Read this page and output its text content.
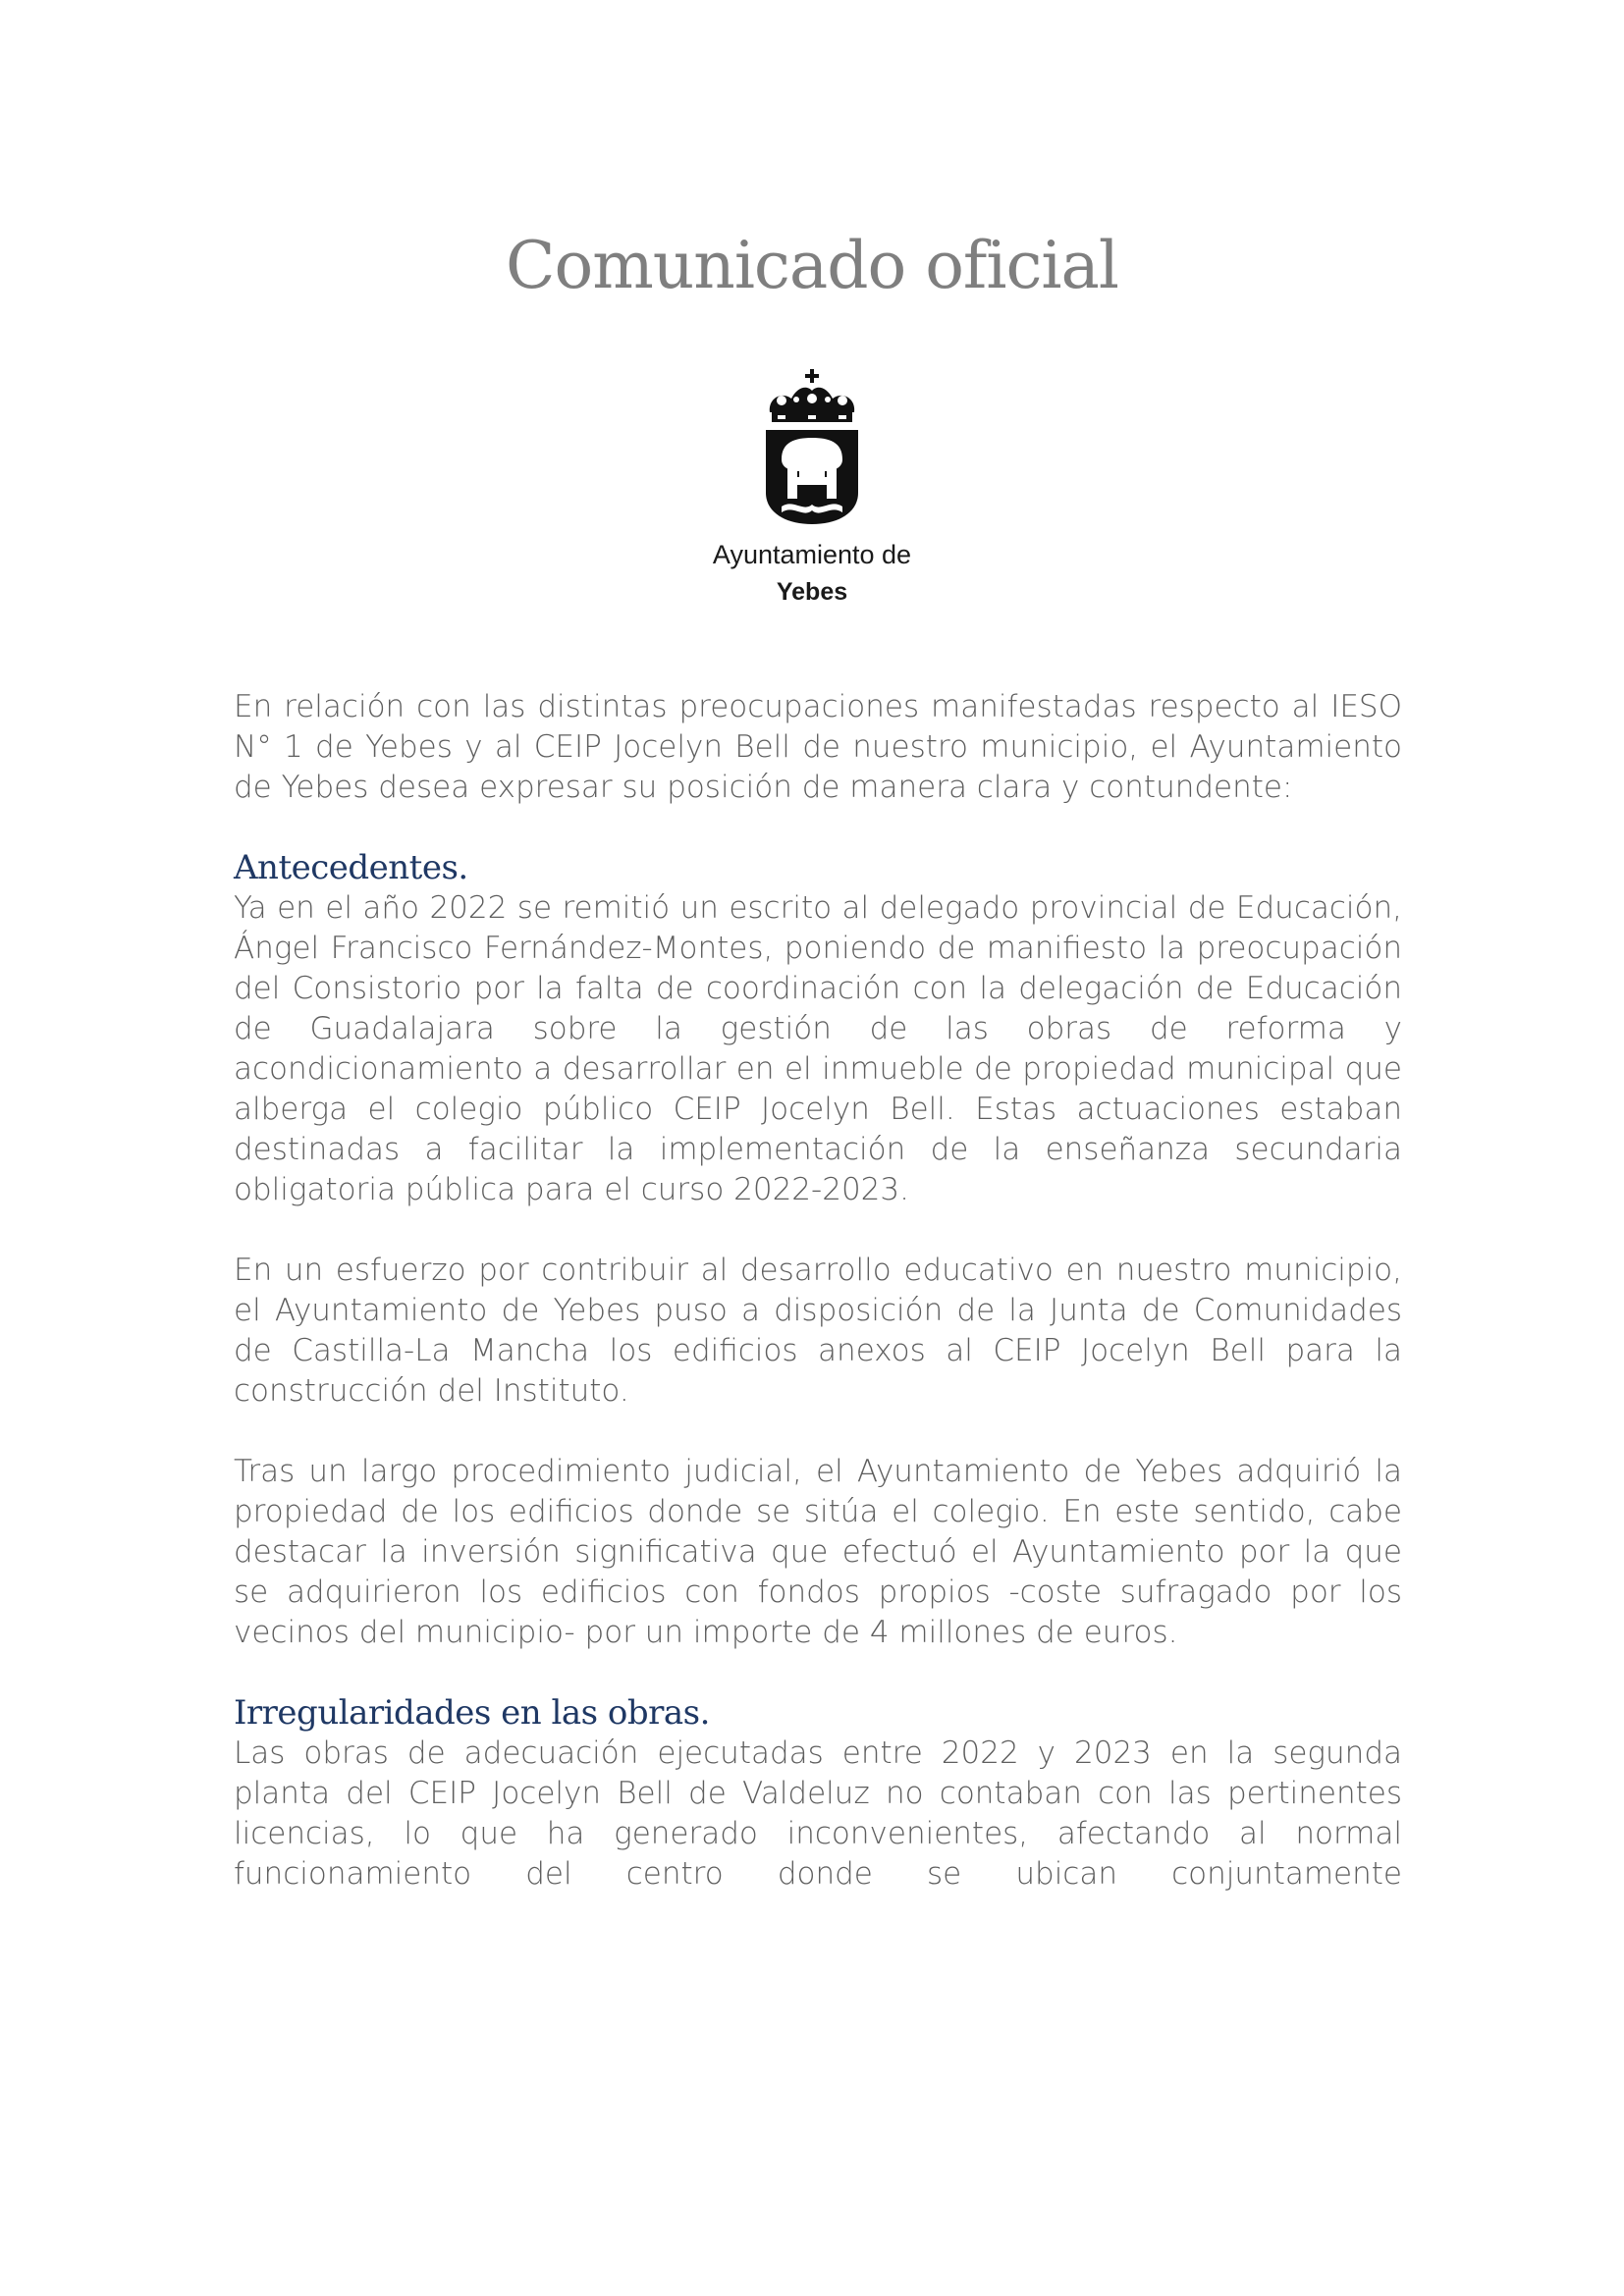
Comunicado oficial
Ayuntamiento de
Yebes

En relación con las distintas preocupaciones manifestadas respecto al IESO N° 1 de Yebes y al CEIP Jocelyn Bell de nuestro municipio, el Ayuntamiento de Yebes desea expresar su posición de manera clara y contundente:

Antecedentes.

Ya en el año 2022 se remitió un escrito al delegado provincial de Educación, Ángel Francisco Fernández-Montes, poniendo de manifiesto la preocupación del Consistorio por la falta de coordinación con la delegación de Educación de Guadalajara sobre la gestión de las obras de reforma y acondicionamiento a desarrollar en el inmueble de propiedad municipal que alberga el colegio público CEIP Jocelyn Bell. Estas actuaciones estaban destinadas a facilitar la implementación de la enseñanza secundaria obligatoria pública para el curso 2022-2023.

En un esfuerzo por contribuir al desarrollo educativo en nuestro municipio, el Ayuntamiento de Yebes puso a disposición de la Junta de Comunidades de Castilla-La Mancha los edificios anexos al CEIP Jocelyn Bell para la construcción del Instituto.

Tras un largo procedimiento judicial, el Ayuntamiento de Yebes adquirió la propiedad de los edificios donde se sitúa el colegio. En este sentido, cabe destacar la inversión significativa que efectuó el Ayuntamiento por la que se adquirieron los edificios con fondos propios -coste sufragado por los vecinos del municipio- por un importe de 4 millones de euros.

Irregularidades en las obras.

Las obras de adecuación ejecutadas entre 2022 y 2023 en la segunda planta del CEIP Jocelyn Bell de Valdeluz no contaban con las pertinentes licencias, lo que ha generado inconvenientes, afectando al normal funcionamiento del centro donde se ubican conjuntamente
